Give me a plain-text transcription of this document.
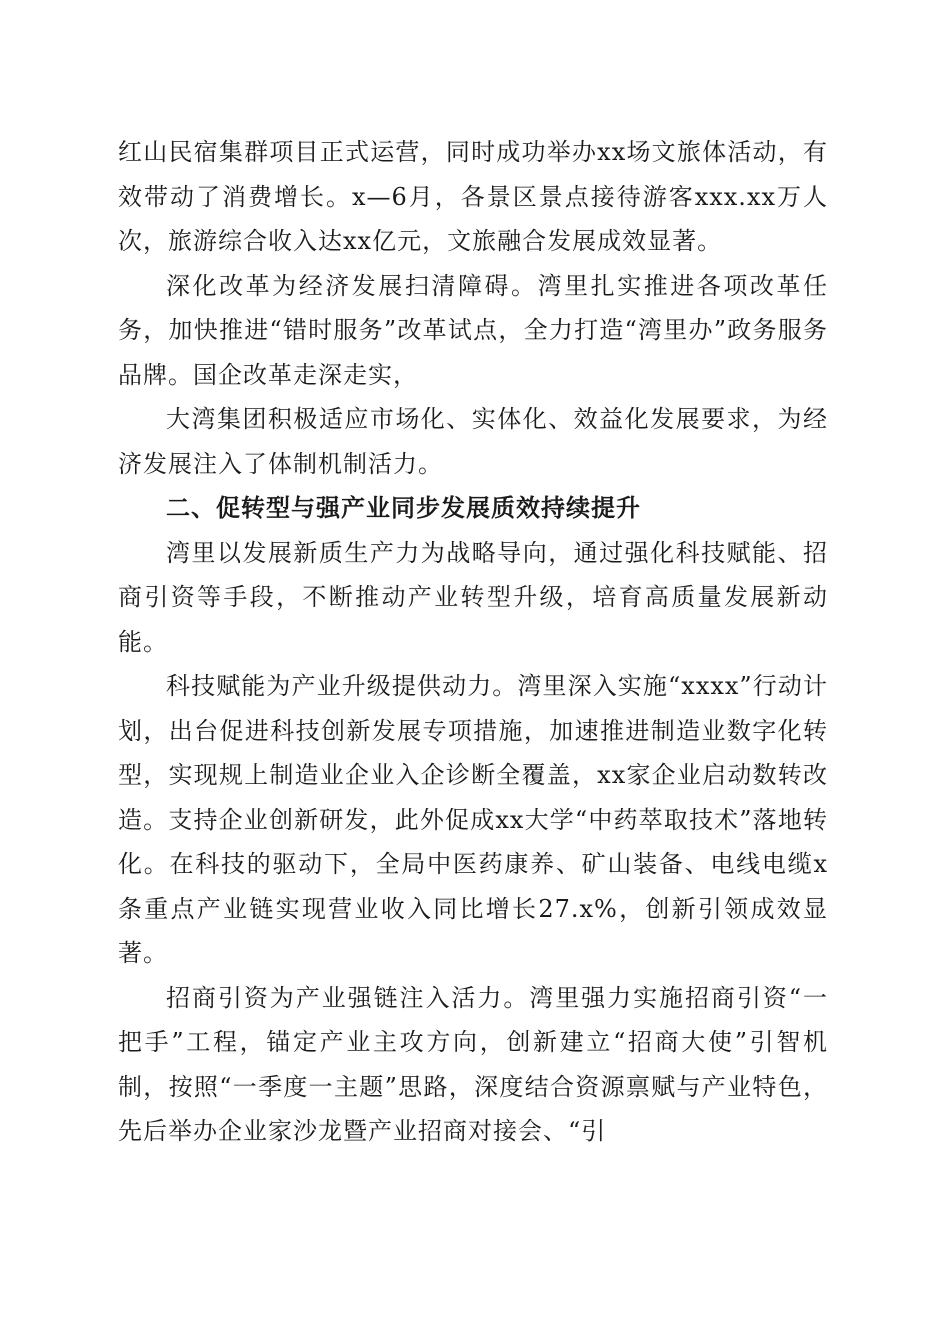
红山民宿集群项目正式运营，同时成功举办xx场文旅体活动，有效带动了消费增长。x—6月，各景区景点接待游客xxx.xx万人次，旅游综合收入达xx亿元，文旅融合发展成效显著。

深化改革为经济发展扫清障碍。湾里扎实推进各项改革任务，加快推进“错时服务”改革试点，全力打造“湾里办”政务服务品牌。国企改革走深走实，

大湾集团积极适应市场化、实体化、效益化发展要求，为经济发展注入了体制机制活力。

二、促转型与强产业同步发展质效持续提升

湾里以发展新质生产力为战略导向，通过强化科技赋能、招商引资等手段，不断推动产业转型升级，培育高质量发展新动能。

科技赋能为产业升级提供动力。湾里深入实施“xxxx”行动计划，出台促进科技创新发展专项措施，加速推进制造业数字化转型，实现规上制造业企业入企诊断全覆盖，xx家企业启动数转改造。支持企业创新研发，此外促成xx大学“中药萃取技术”落地转化。在科技的驱动下，全局中医药康养、矿山装备、电线电缆x条重点产业链实现营业收入同比增长27.x%，创新引领成效显著。

招商引资为产业强链注入活力。湾里强力实施招商引资“一把手”工程，锚定产业主攻方向，创新建立“招商大使”引智机制，按照“一季度一主题”思路，深度结合资源禀赋与产业特色，先后举办企业家沙龙暨产业招商对接会、“引
